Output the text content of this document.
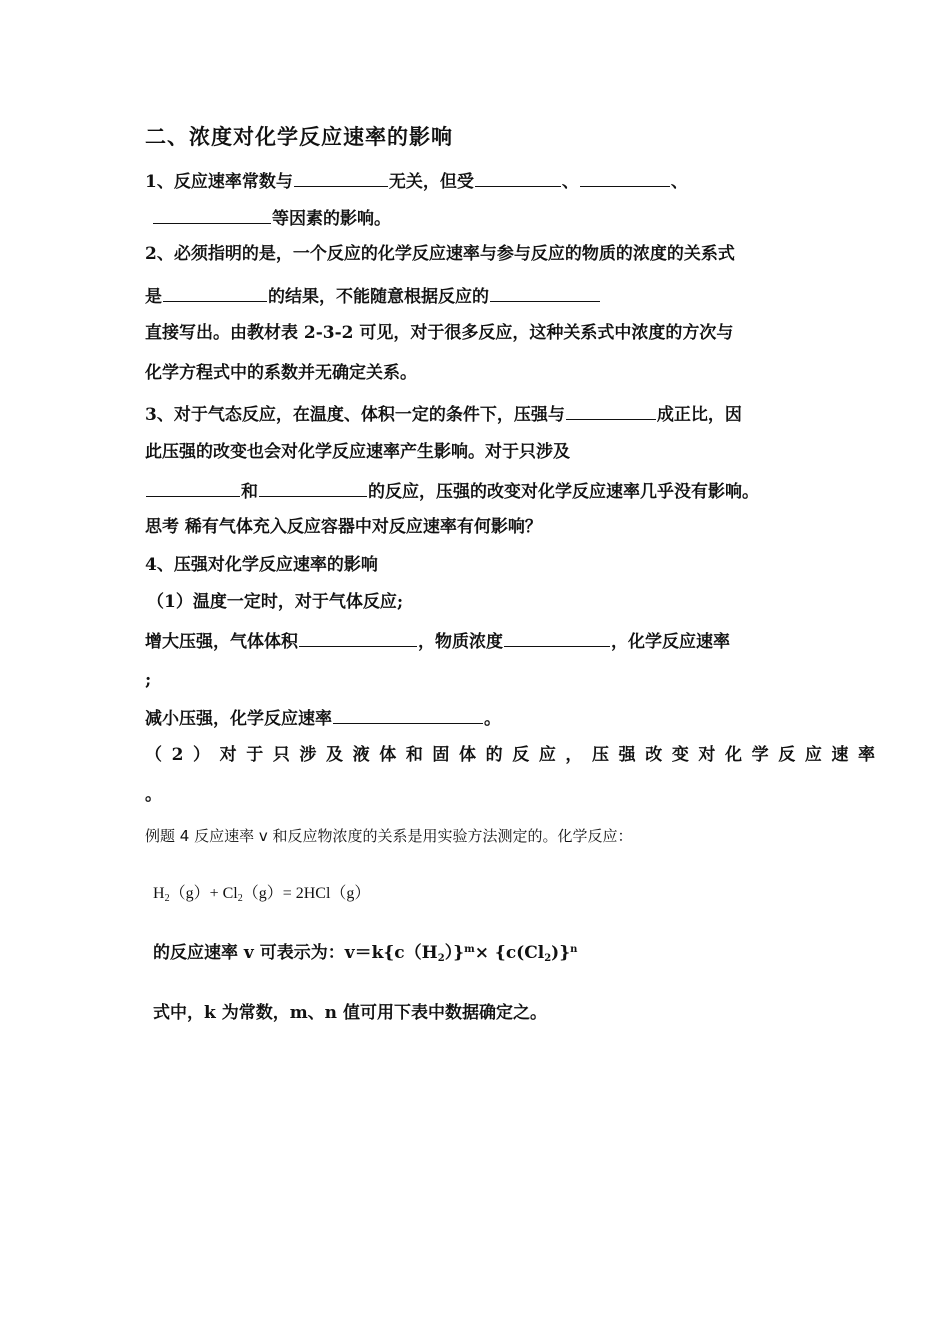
二、浓度对化学反应速率的影响
1、反应速率常数与	无关，但受	、	、
等因素的影响。
2、必须指明的是，一个反应的化学反应速率与参与反应的物质的浓度的关系式
是	的结果，不能随意根据反应的
直接写出。由教材表 2-3-2 可见，对于很多反应，这种关系式中浓度的方次与
化学方程式中的系数并无确定关系。
3、对于气态反应，在温度、体积一定的条件下，压强与	成正比，因
此压强的改变也会对化学反应速率产生影响。对于只涉及
和	的反应，压强的改变对化学反应速率几乎没有影响。
思考 稀有气体充入反应容器中对反应速率有何影响？
4、压强对化学反应速率的影响
（1）温度一定时，对于气体反应;
增大压强，气体体积	，物质浓度	，化学反应速率
;
减小压强，化学反应速率	。
（2）对于只涉及液体和固体的反应，压强改变对化学反应速率
。
例题 4 反应速率 v 和反应物浓度的关系是用实验方法测定的。化学反应：
$H_2(g)+ Cl_2(g)= 2HCl(g)$
的反应速率 v 可表示为：$v=k\{c(H_2)\}^m\times \{c(Cl_2)\}^n$
式中，k 为常数，m、n 值可用下表中数据确定之。
